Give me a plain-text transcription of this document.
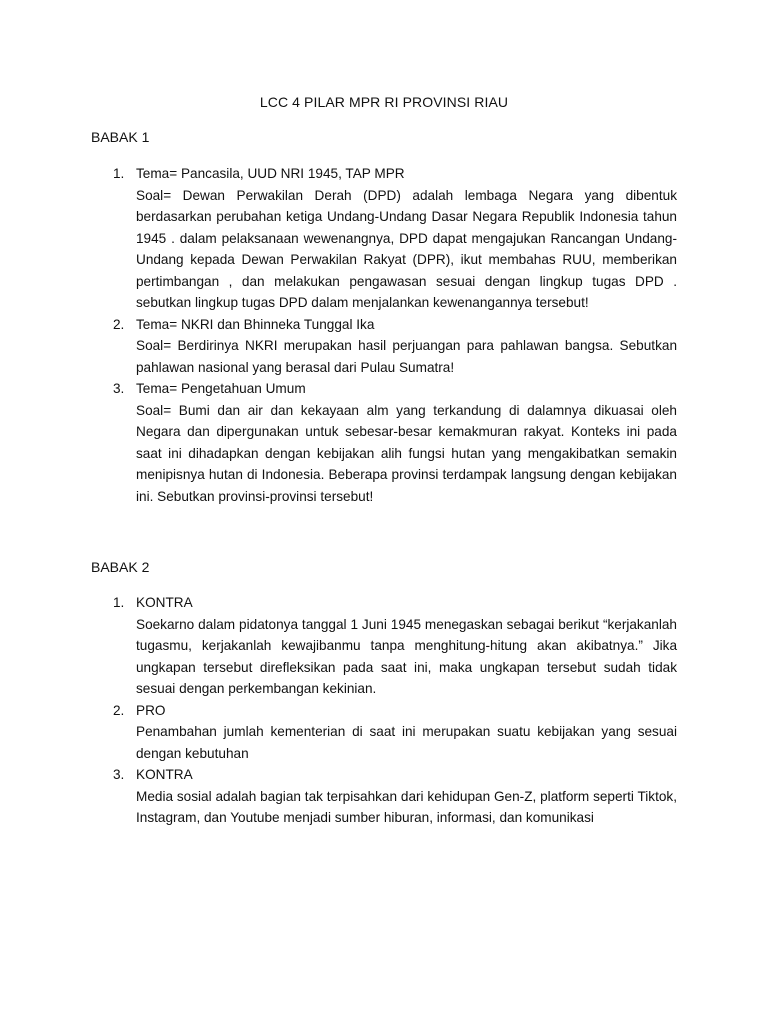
LCC 4 PILAR MPR RI PROVINSI RIAU
BABAK 1
1. Tema= Pancasila, UUD NRI 1945, TAP MPR
Soal= Dewan Perwakilan Derah (DPD) adalah lembaga Negara yang dibentuk berdasarkan perubahan ketiga Undang-Undang Dasar Negara Republik Indonesia tahun 1945 . dalam pelaksanaan wewenangnya, DPD dapat mengajukan Rancangan Undang-Undang kepada Dewan Perwakilan Rakyat (DPR), ikut membahas RUU, memberikan pertimbangan , dan melakukan pengawasan sesuai dengan lingkup tugas DPD . sebutkan lingkup tugas DPD dalam menjalankan kewenangannya tersebut!
2. Tema= NKRI dan Bhinneka Tunggal Ika
Soal= Berdirinya NKRI merupakan hasil perjuangan para pahlawan bangsa. Sebutkan pahlawan nasional yang berasal dari Pulau Sumatra!
3. Tema= Pengetahuan Umum
Soal= Bumi dan air dan kekayaan alm yang terkandung di dalamnya dikuasai oleh Negara dan dipergunakan untuk sebesar-besar kemakmuran rakyat. Konteks ini pada saat ini dihadapkan dengan kebijakan alih fungsi hutan yang mengakibatkan semakin menipisnya hutan di Indonesia. Beberapa provinsi terdampak langsung dengan kebijakan ini. Sebutkan provinsi-provinsi tersebut!
BABAK 2
1. KONTRA
Soekarno dalam pidatonya tanggal 1 Juni 1945 menegaskan sebagai berikut “kerjakanlah tugasmu, kerjakanlah kewajibanmu tanpa menghitung-hitung akan akibatnya.” Jika ungkapan tersebut direfleksikan pada saat ini, maka ungkapan tersebut sudah tidak sesuai dengan perkembangan kekinian.
2. PRO
Penambahan jumlah kementerian di saat ini merupakan suatu kebijakan yang sesuai dengan kebutuhan
3. KONTRA
Media sosial adalah bagian tak terpisahkan dari kehidupan Gen-Z, platform seperti Tiktok, Instagram, dan Youtube menjadi sumber hiburan, informasi, dan komunikasi
